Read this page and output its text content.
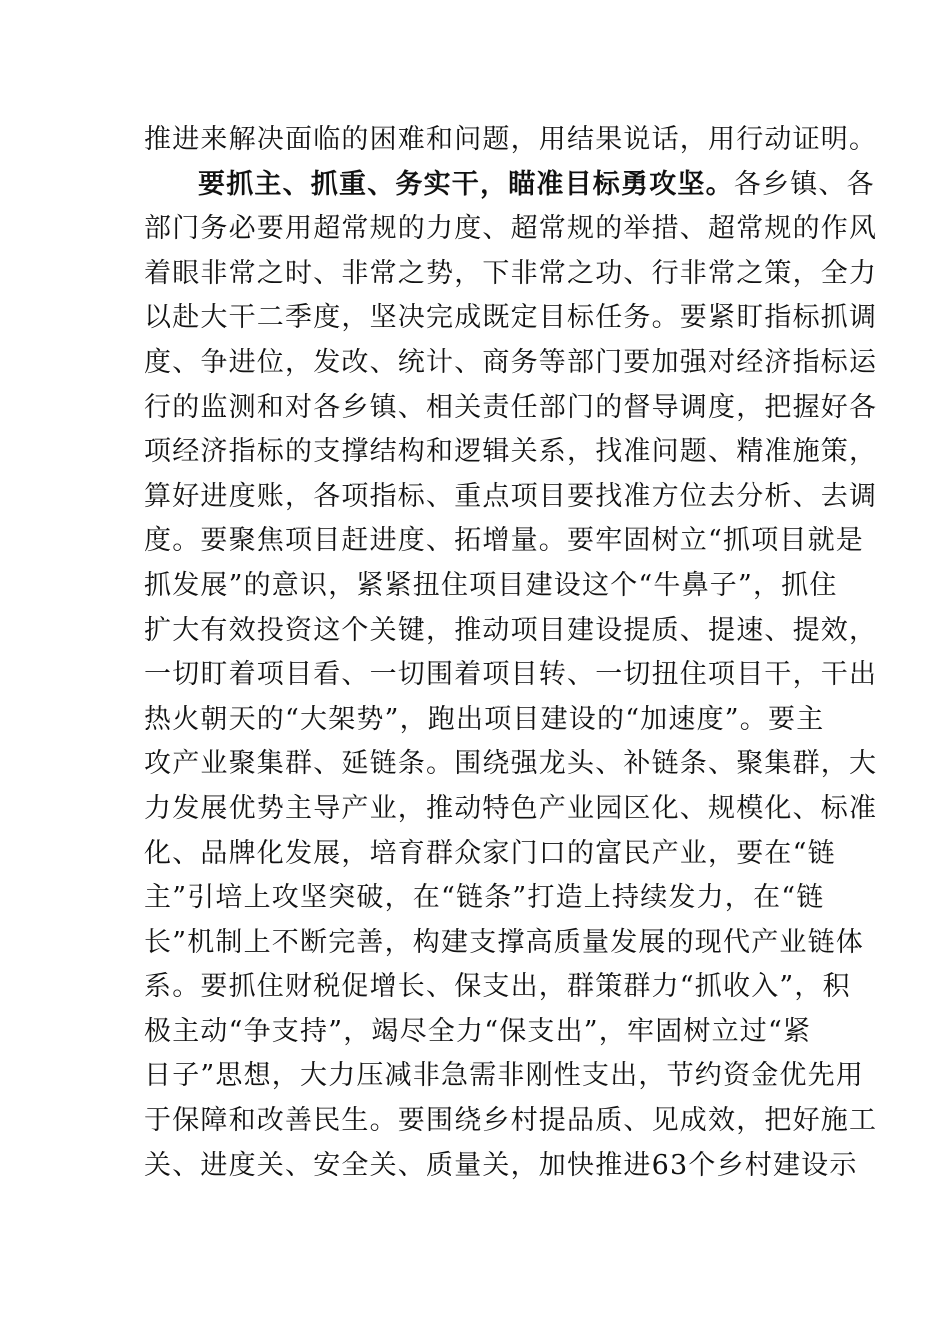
推进来解决面临的困难和问题，用结果说话，用行动证明。
要抓主、抓重、务实干，瞄准目标勇攻坚。各乡镇、各
部门务必要用超常规的力度、超常规的举措、超常规的作风
着眼非常之时、非常之势，下非常之功、行非常之策，全力
以赴大干二季度，坚决完成既定目标任务。要紧盯指标抓调
度、争进位，发改、统计、商务等部门要加强对经济指标运
行的监测和对各乡镇、相关责任部门的督导调度，把握好各
项经济指标的支撑结构和逻辑关系，找准问题、精准施策，
算好进度账，各项指标、重点项目要找准方位去分析、去调
度。要聚焦项目赶进度、拓增量。要牢固树立“抓项目就是
抓发展”的意识，紧紧扭住项目建设这个“牛鼻子”，抓住
扩大有效投资这个关键，推动项目建设提质、提速、提效，
一切盯着项目看、一切围着项目转、一切扭住项目干，干出
热火朝天的“大架势”，跑出项目建设的“加速度”。要主
攻产业聚集群、延链条。围绕强龙头、补链条、聚集群，大
力发展优势主导产业，推动特色产业园区化、规模化、标准
化、品牌化发展，培育群众家门口的富民产业，要在“链
主”引培上攻坚突破，在“链条”打造上持续发力，在“链
长”机制上不断完善，构建支撑高质量发展的现代产业链体
系。要抓住财税促增长、保支出，群策群力“抓收入”，积
极主动“争支持”，竭尽全力“保支出”，牢固树立过“紧
日子”思想，大力压减非急需非刚性支出，节约资金优先用
于保障和改善民生。要围绕乡村提品质、见成效，把好施工
关、进度关、安全关、质量关，加快推进63个乡村建设示
